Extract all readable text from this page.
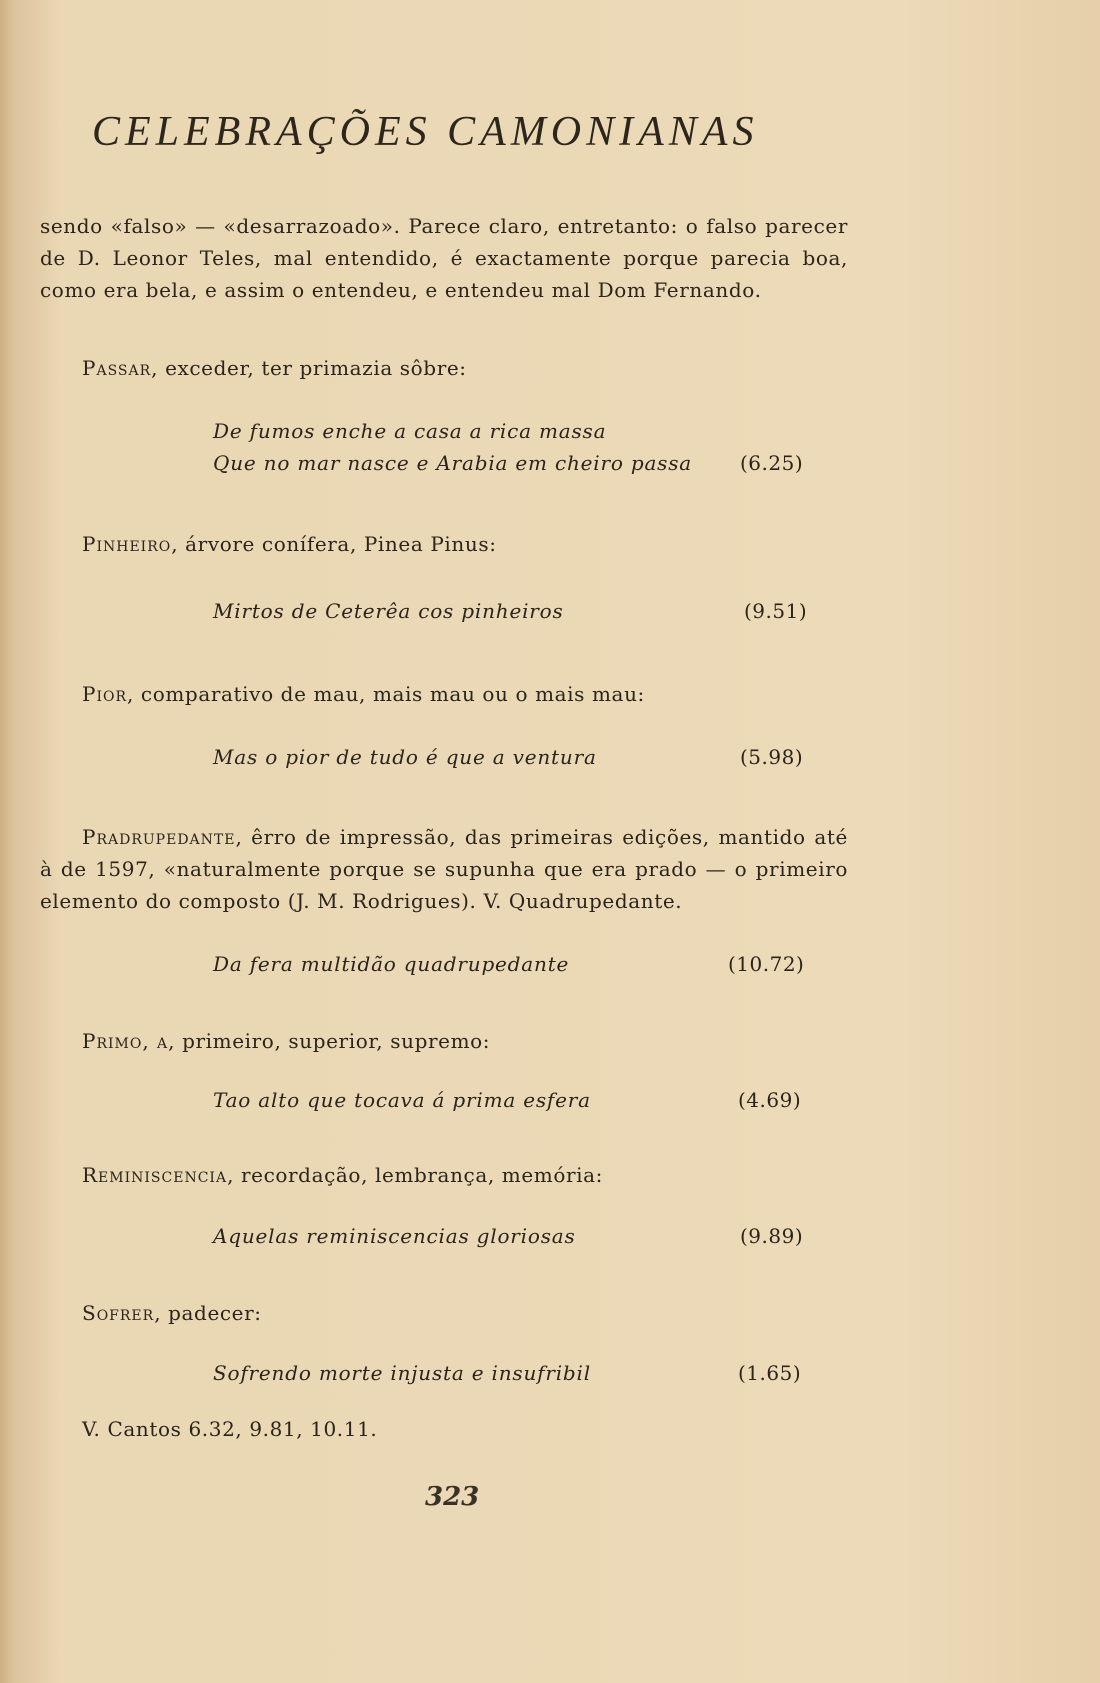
CELEBRAÇÕES CAMONIANAS
sendo «falso» — «desarrazoado». Parece claro, entretanto: o falso parecer
de D. Leonor Teles, mal entendido, é exactamente porque parecia boa,
como era bela, e assim o entendeu, e entendeu mal Dom Fernando.
Passar, exceder, ter primazia sôbre:
De fumos enche a casa a rica massa
Que no mar nasce e Arabia em cheiro passa (6.25)
Pinheiro, árvore conífera, Pinea Pinus:
Mirtos de Ceterêa cos pinheiros	(9.51)
Pior, comparativo de mau, mais mau ou o mais mau:
Mas o pior de tudo é que a ventura	(5.98)
Pradrupedante, êrro de impressão, das primeiras edições, mantido até
à de 1597, «naturalmente porque se supunha que era prado — o primeiro
elemento do composto (J. M. Rodrigues). V. Quadrupedante.
Da fera multidão quadrupedante	(10.72)
Primo, a, primeiro, superior, supremo:
Tao alto que tocava á prima esfera	(4.69)
Reminiscencia, recordação, lembrança, memória:
Aquelas reminiscencias gloriosas	(9.89)
Sofrer, padecer:
Sofrendo morte injusta e insufribil	(1.65)
V. Cantos 6.32, 9.81, 10.11.
323
